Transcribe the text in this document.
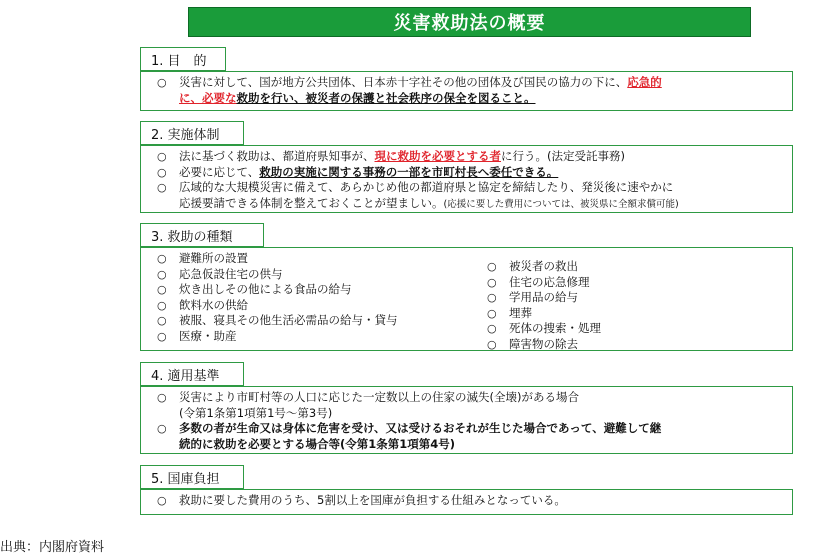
災害救助法の概要
1. 目　的
○	災害に対して、国が地方公共団体、日本赤十字社その他の団体及び国民の協力の下に、応急的
に、必要な救助を行い、被災者の保護と社会秩序の保全を図ること。
2. 実施体制
○	法に基づく救助は、都道府県知事が、現に救助を必要とする者に行う。(法定受託事務)
○	必要に応じて、救助の実施に関する事務の一部を市町村長へ委任できる。
○	広域的な大規模災害に備えて、あらかじめ他の都道府県と協定を締結したり、発災後に速やかに
応援要請できる体制を整えておくことが望ましい。(応援に要した費用については、被災県に全額求償可能)
3. 救助の種類
○	避難所の設置
○	応急仮設住宅の供与
○	炊き出しその他による食品の給与
○	飲料水の供給
○	被服、寝具その他生活必需品の給与・貸与
○	医療・助産
○	被災者の救出
○	住宅の応急修理
○	学用品の給与
○	埋葬
○	死体の捜索・処理
○	障害物の除去
4. 適用基準
○	災害により市町村等の人口に応じた一定数以上の住家の滅失(全壊)がある場合
(令第1条第1項第1号～第3号)
○	多数の者が生命又は身体に危害を受け、又は受けるおそれが生じた場合であって、避難して継
続的に救助を必要とする場合等(令第1条第1項第4号)
5. 国庫負担
○	救助に要した費用のうち、5割以上を国庫が負担する仕組みとなっている。
出典：内閣府資料
